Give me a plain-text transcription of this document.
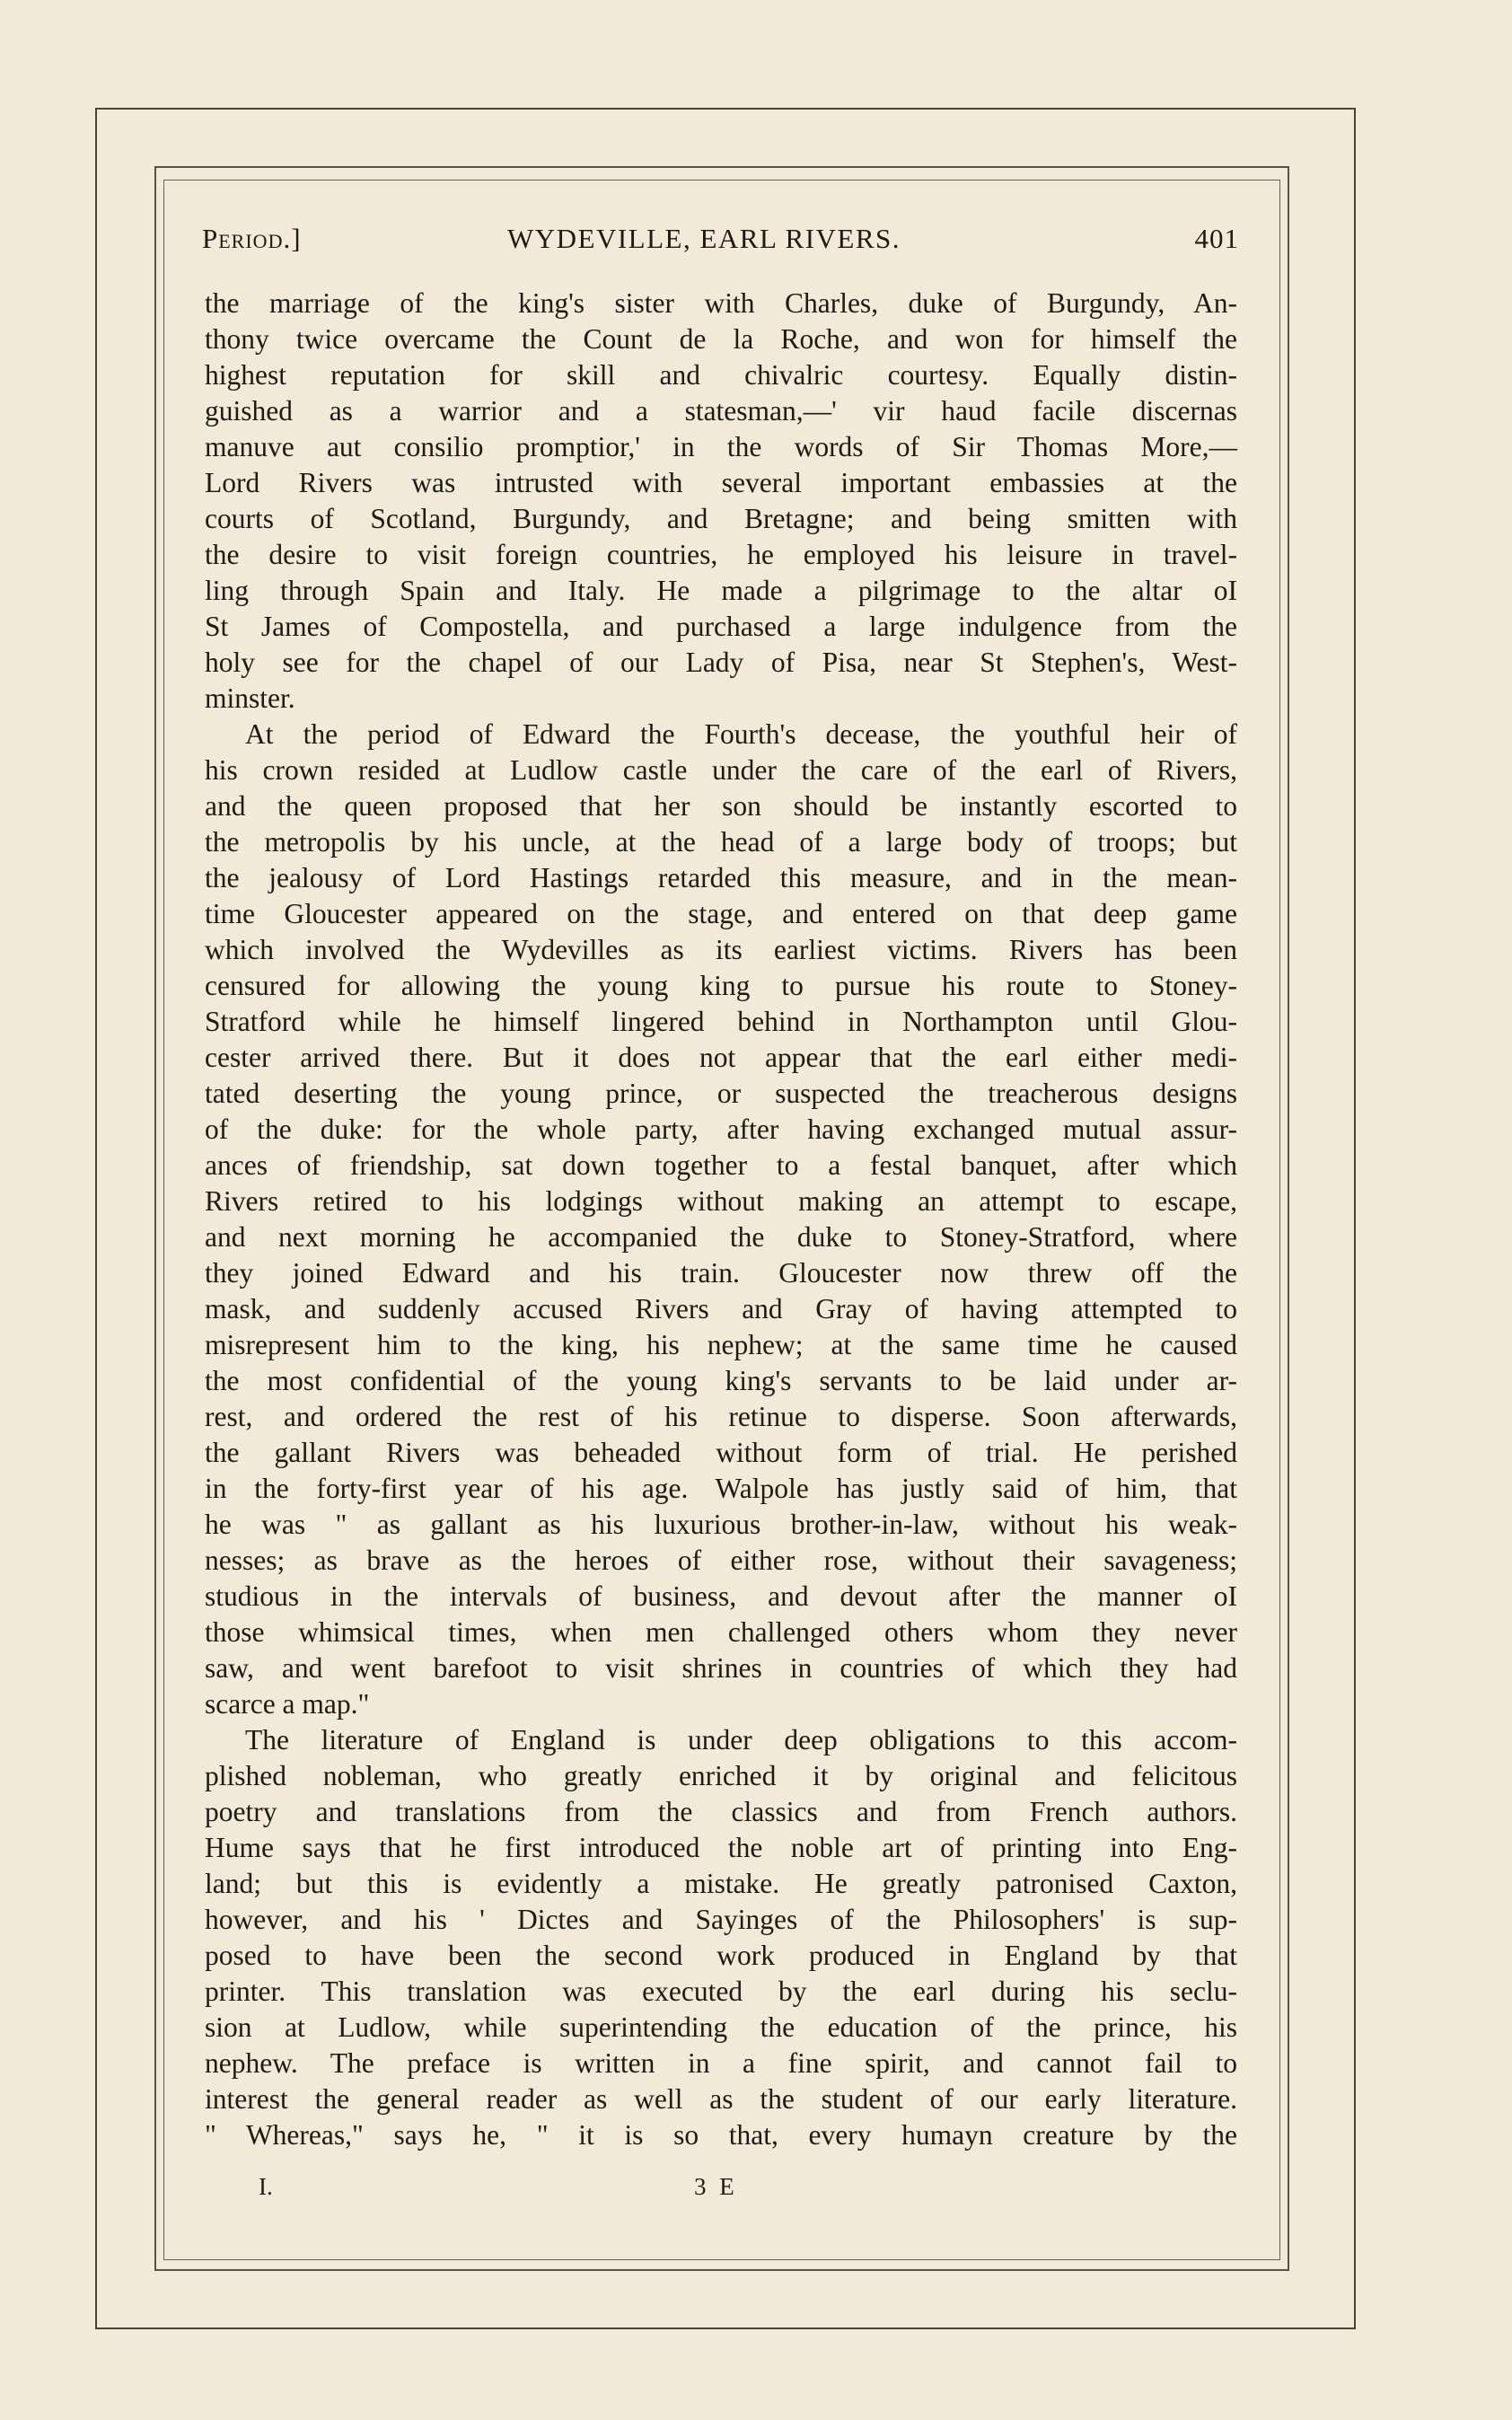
Period.]	WYDEVILLE, EARL RIVERS.	401
the marriage of the king's sister with Charles, duke of Burgundy, An-
thony twice overcame the Count de la Roche, and won for himself the
highest reputation for skill and chivalric courtesy. Equally distin-
guished as a warrior and a statesman,—' vir haud facile discernas
manuve aut consilio promptior,' in the words of Sir Thomas More,—
Lord Rivers was intrusted with several important embassies at the
courts of Scotland, Burgundy, and Bretagne; and being smitten with
the desire to visit foreign countries, he employed his leisure in travel-
ling through Spain and Italy. He made a pilgrimage to the altar oI
St James of Compostella, and purchased a large indulgence from the
holy see for the chapel of our Lady of Pisa, near St Stephen's, West-
minster.
At the period of Edward the Fourth's decease, the youthful heir of
his crown resided at Ludlow castle under the care of the earl of Rivers,
and the queen proposed that her son should be instantly escorted to
the metropolis by his uncle, at the head of a large body of troops; but
the jealousy of Lord Hastings retarded this measure, and in the mean-
time Gloucester appeared on the stage, and entered on that deep game
which involved the Wydevilles as its earliest victims. Rivers has been
censured for allowing the young king to pursue his route to Stoney-
Stratford while he himself lingered behind in Northampton until Glou-
cester arrived there. But it does not appear that the earl either medi-
tated deserting the young prince, or suspected the treacherous designs
of the duke: for the whole party, after having exchanged mutual assur-
ances of friendship, sat down together to a festal banquet, after which
Rivers retired to his lodgings without making an attempt to escape,
and next morning he accompanied the duke to Stoney-Stratford, where
they joined Edward and his train. Gloucester now threw off the
mask, and suddenly accused Rivers and Gray of having attempted to
misrepresent him to the king, his nephew; at the same time he caused
the most confidential of the young king's servants to be laid under ar-
rest, and ordered the rest of his retinue to disperse. Soon afterwards,
the gallant Rivers was beheaded without form of trial. He perished
in the forty-first year of his age. Walpole has justly said of him, that
he was " as gallant as his luxurious brother-in-law, without his weak-
nesses; as brave as the heroes of either rose, without their savageness;
studious in the intervals of business, and devout after the manner oI
those whimsical times, when men challenged others whom they never
saw, and went barefoot to visit shrines in countries of which they had
scarce a map."
The literature of England is under deep obligations to this accom-
plished nobleman, who greatly enriched it by original and felicitous
poetry and translations from the classics and from French authors.
Hume says that he first introduced the noble art of printing into Eng-
land; but this is evidently a mistake. He greatly patronised Caxton,
however, and his ' Dictes and Sayinges of the Philosophers' is sup-
posed to have been the second work produced in England by that
printer. This translation was executed by the earl during his seclu-
sion at Ludlow, while superintending the education of the prince, his
nephew. The preface is written in a fine spirit, and cannot fail to
interest the general reader as well as the student of our early literature.
" Whereas," says he, " it is so that, every humayn creature by the
I.	3 E
